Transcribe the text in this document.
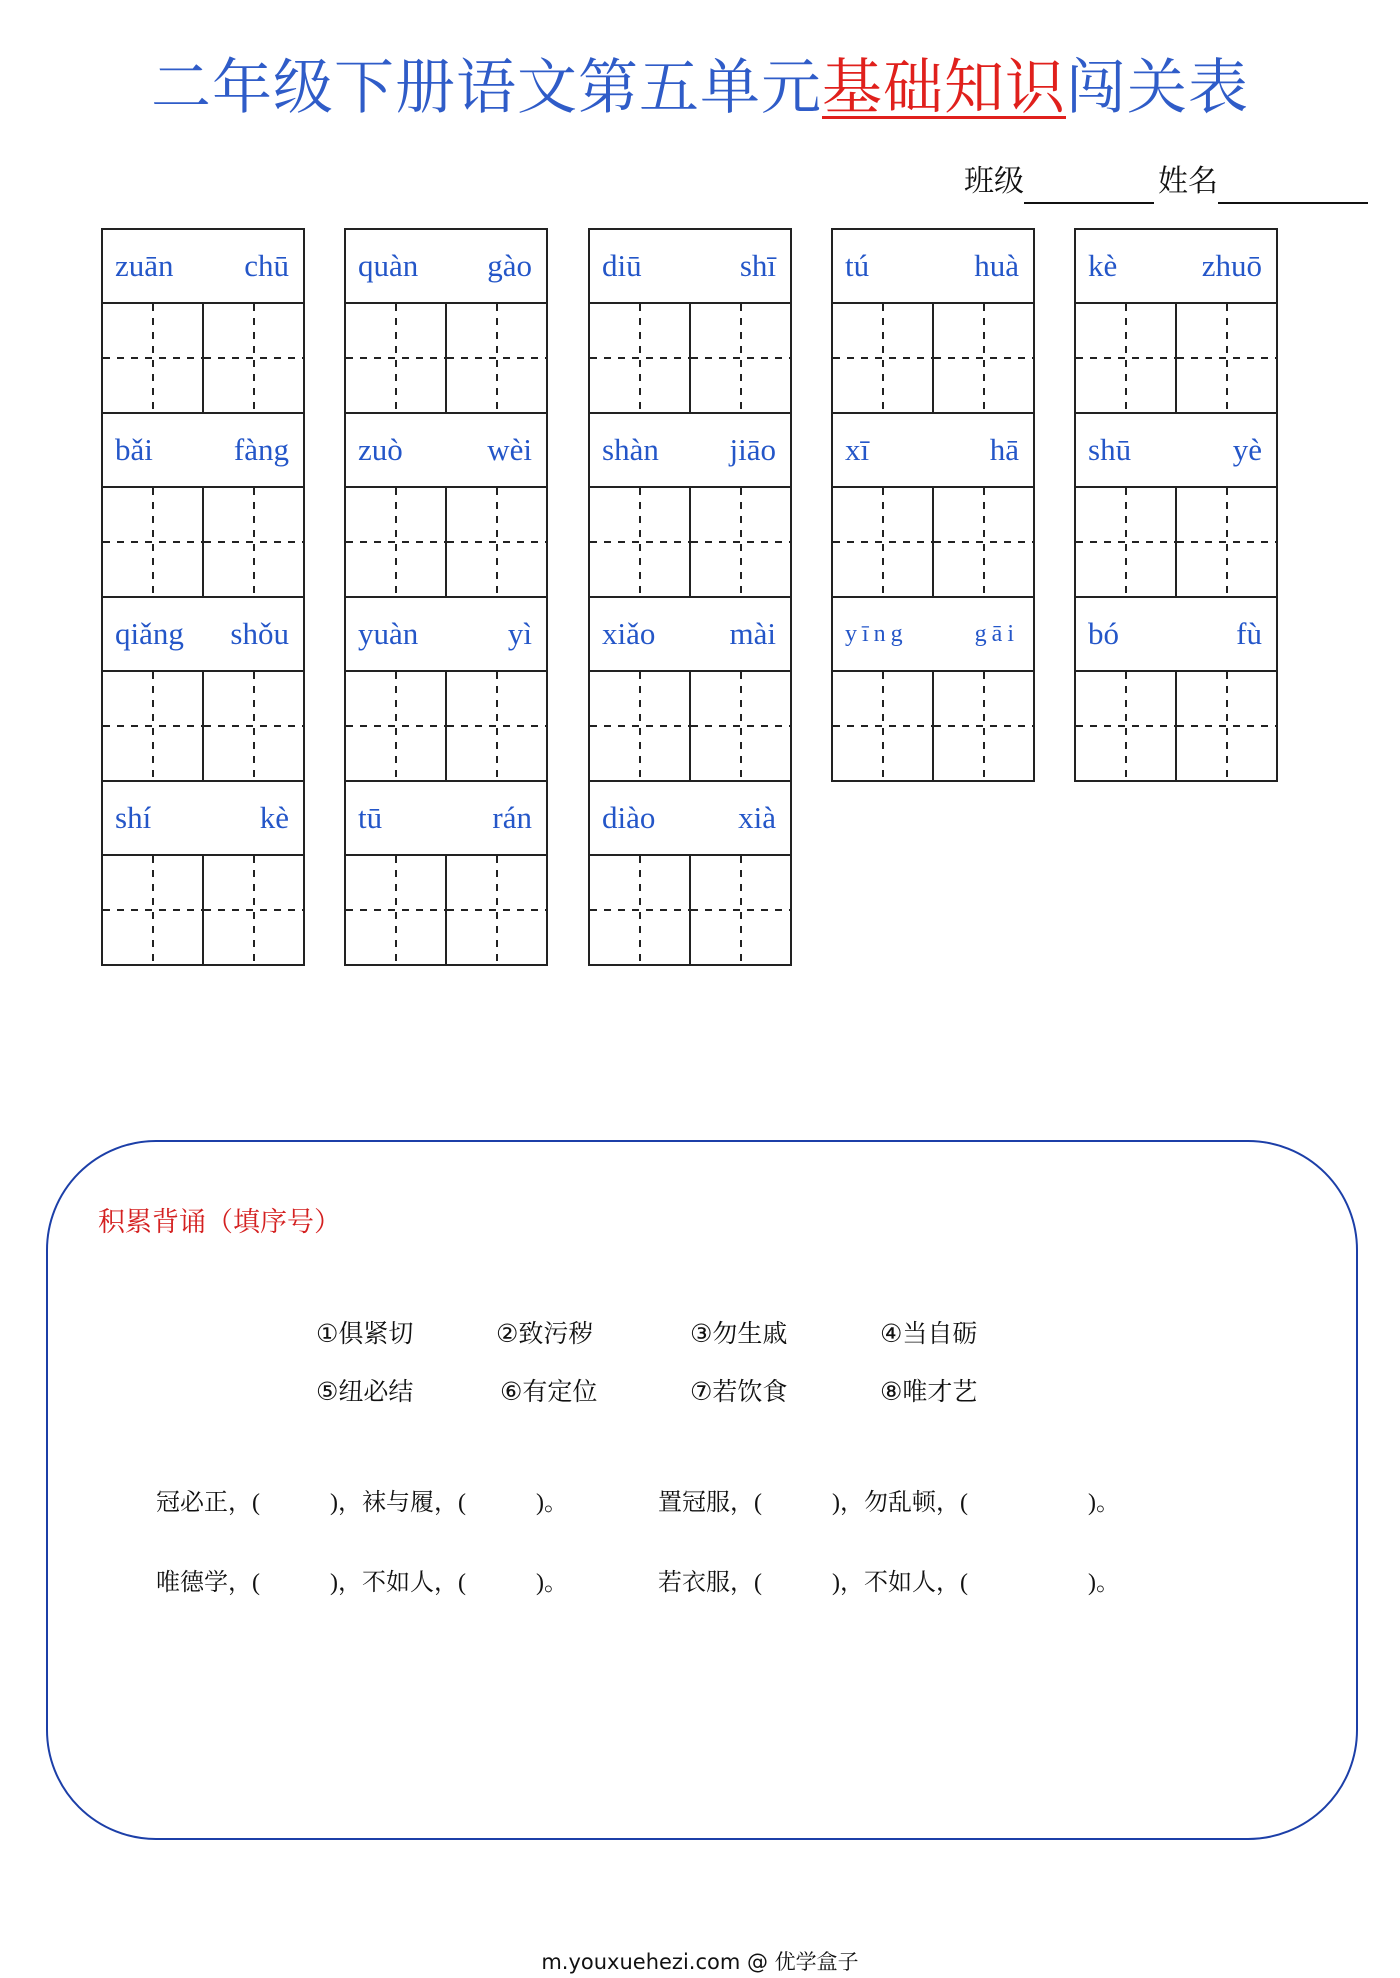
二年级下册语文第五单元基础知识闯关表
班级	姓名
zuān chū
bǎi	fàng
qiǎng shǒu
shí	kè
quàn gào
zuò	wèi
yuàn	yì
tū	rán
diū	shī
shàn jiāo
xiǎo mài
diào	xià
tú	huà
xī	hā
yīng	gāi
kè	zhuō
shū	yè
bó	fù
积累背诵（填序号）
①俱紧切	②致污秽	③勿生戚	④当自砺
⑤纽必结	⑥有定位	⑦若饮食	⑧唯才艺
冠必正，(	)，袜与履，(	)。	置冠服，(	)，勿乱顿，(	)。
唯德学，(	)，不如人，(	)。	若衣服，(	)，不如人，(	)。
m.youxuehezi.com @ 优学盒子
